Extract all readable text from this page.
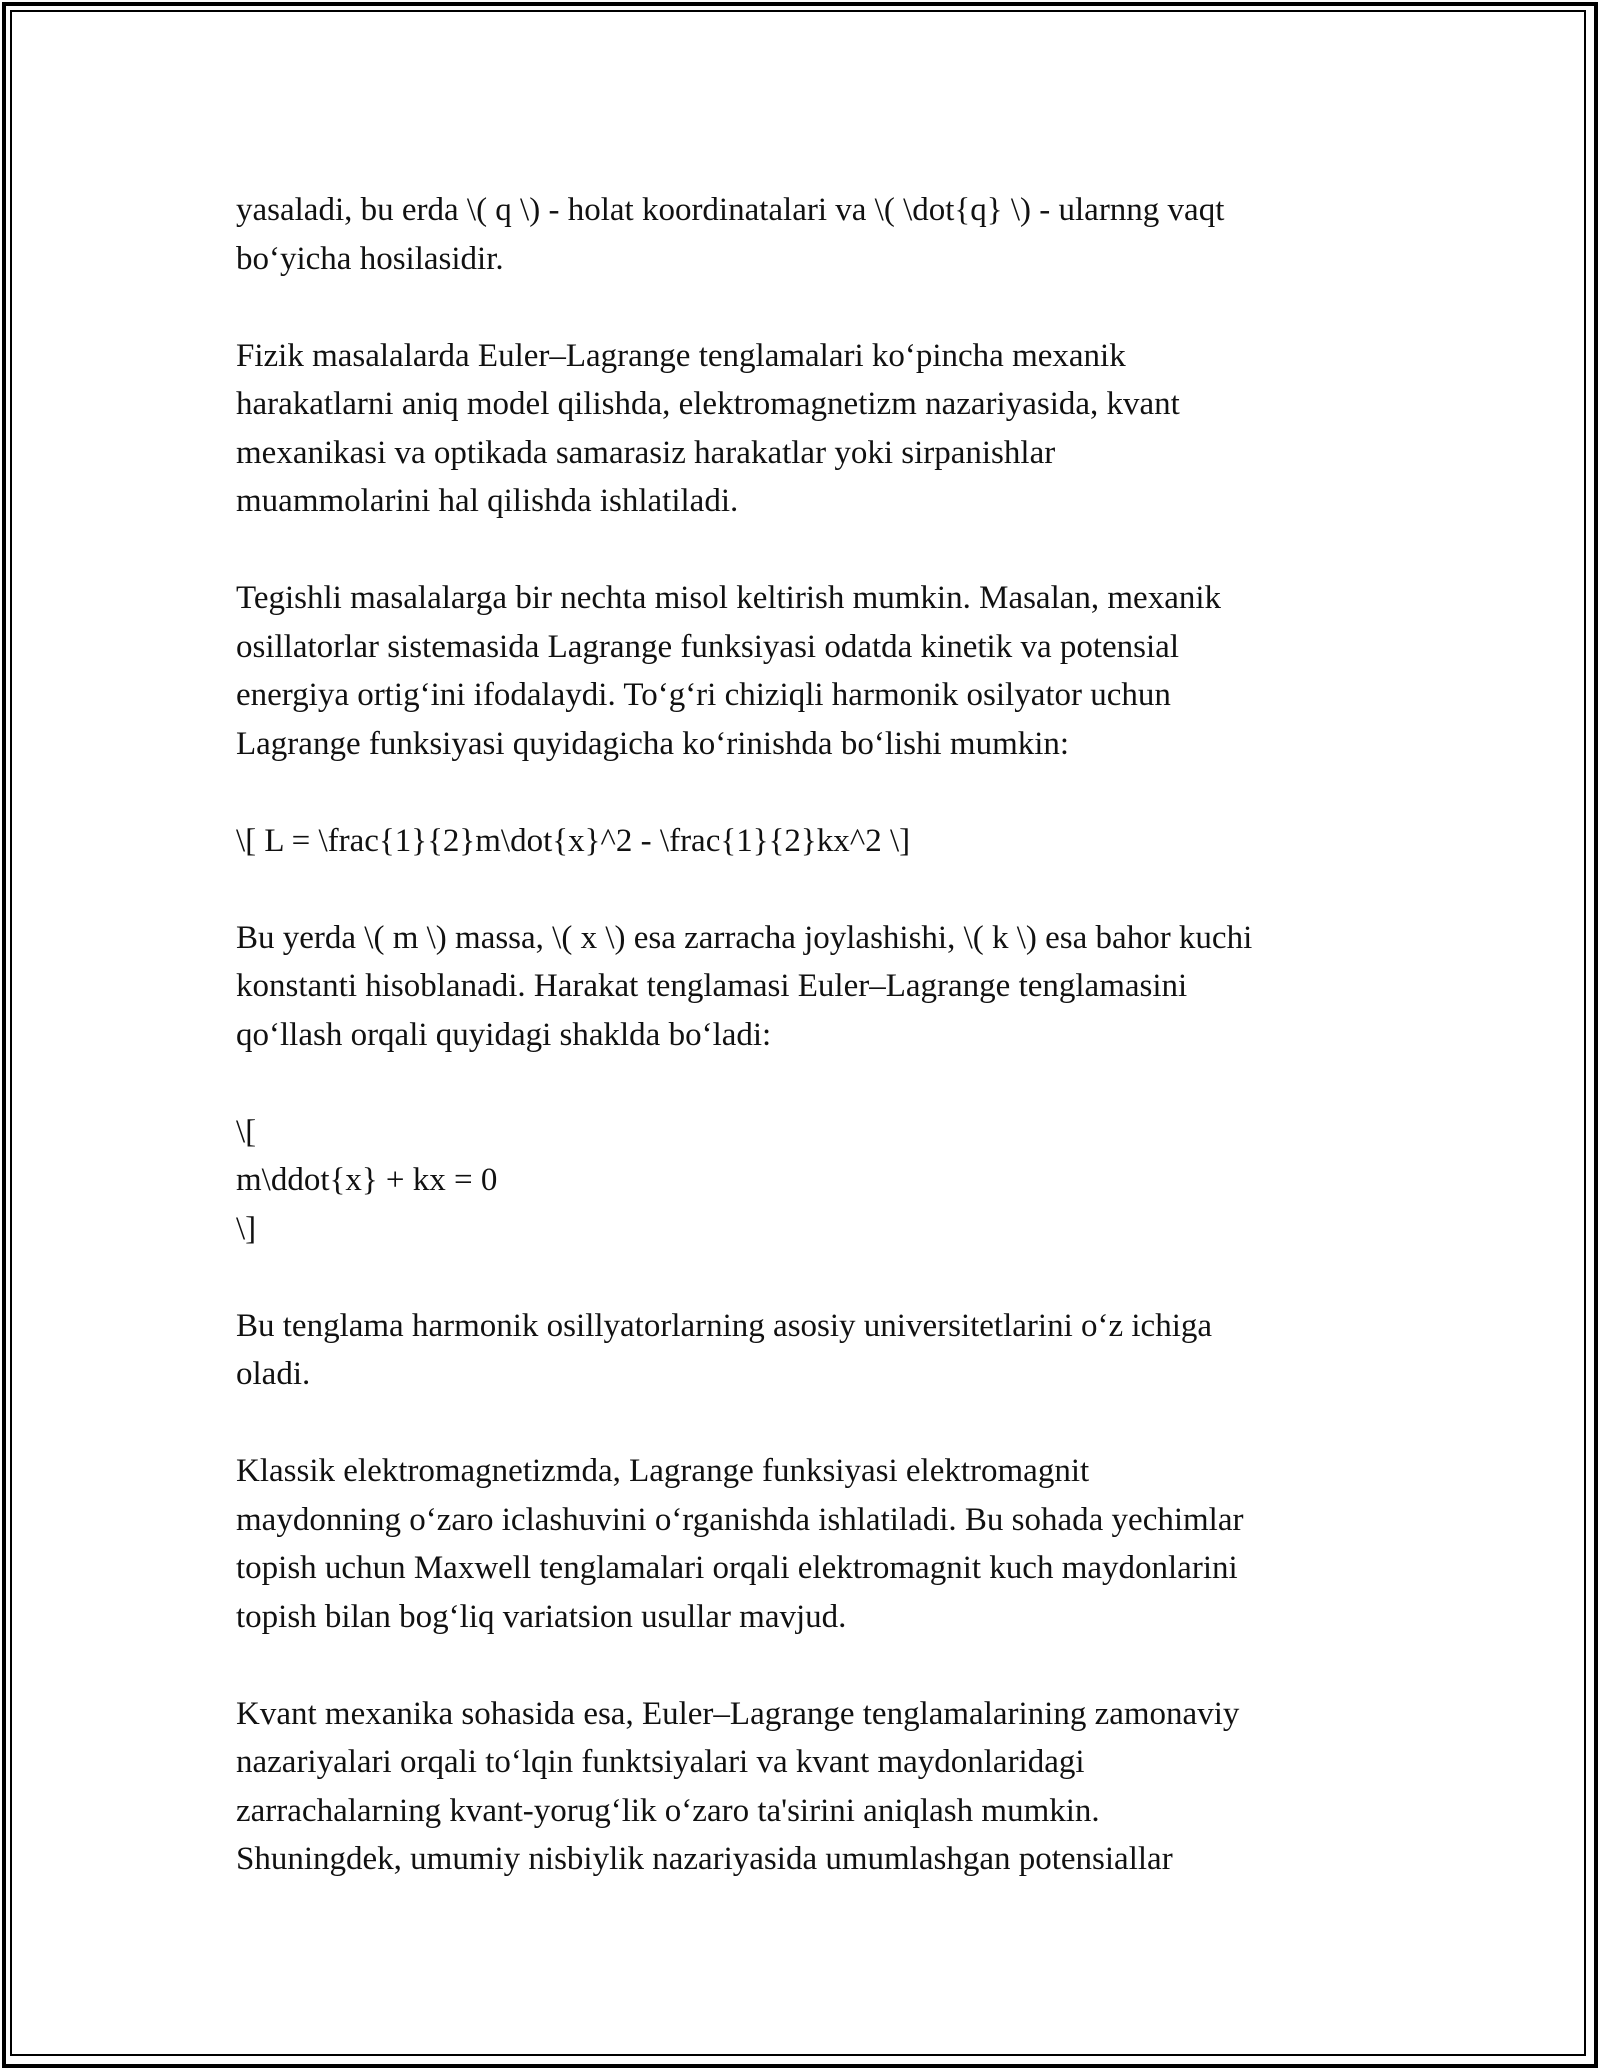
yasaladi, bu erda \( q \) - holat koordinatalari va \( \dot{q} \) - ularnng vaqt
bo‘yicha hosilasidir.

Fizik masalalarda Euler–Lagrange tenglamalari ko‘pincha mexanik
harakatlarni aniq model qilishda, elektromagnetizm nazariyasida, kvant
mexanikasi va optikada samarasiz harakatlar yoki sirpanishlar
muammolarini hal qilishda ishlatiladi.

Tegishli masalalarga bir nechta misol keltirish mumkin. Masalan, mexanik
osillatorlar sistemasida Lagrange funksiyasi odatda kinetik va potensial
energiya ortig‘ini ifodalaydi. To‘g‘ri chiziqli harmonik osilyator uchun
Lagrange funksiyasi quyidagicha ko‘rinishda bo‘lishi mumkin:

\[ L = \frac{1}{2}m\dot{x}^2 - \frac{1}{2}kx^2 \]

Bu yerda \( m \) massa, \( x \) esa zarracha joylashishi, \( k \) esa bahor kuchi
konstanti hisoblanadi. Harakat tenglamasi Euler–Lagrange tenglamasini
qo‘llash orqali quyidagi shakldа bo‘ladi:

\[
m\ddot{x} + kx = 0
\]

Bu tenglama harmonik osillyatorlarning asosiy universitetlarini o‘z ichiga
oladi.

Klassik elektromagnetizmda, Lagrange funksiyasi elektromagnit
maydonning o‘zaro iclashuvini o‘rganishda ishlatiladi. Bu sohada yechimlar
topish uchun Maxwell tenglamalari orqali elektromagnit kuch maydonlarini
topish bilan bog‘liq variatsion usullar mavjud.

Kvant mexanika sohasida esa, Euler–Lagrange tenglamalarining zamonaviy
nazariyalari orqali to‘lqin funktsiyalari va kvant maydonlaridagi
zarrachalarning kvant-yorug‘lik o‘zaro ta'sirini aniqlash mumkin.
Shuningdek, umumiy nisbiylik nazariyasida umumlashgan potensiallar
